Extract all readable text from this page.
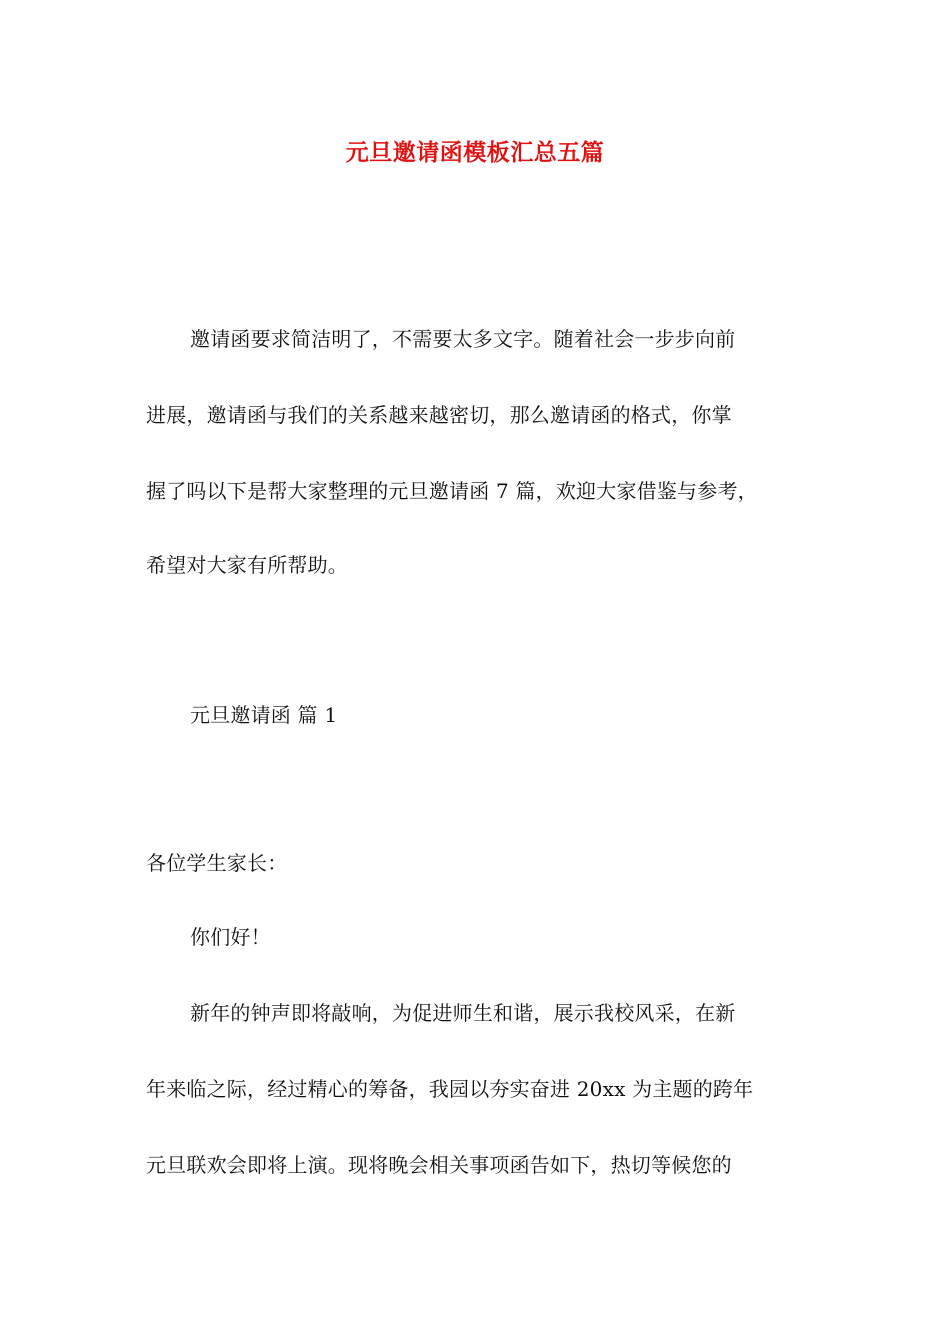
元旦邀请函模板汇总五篇
邀请函要求简洁明了，不需要太多文字。随着社会一步步向前
进展，邀请函与我们的关系越来越密切，那么邀请函的格式，你掌
握了吗以下是帮大家整理的元旦邀请函 7 篇，欢迎大家借鉴与参考，
希望对大家有所帮助。
元旦邀请函 篇 1
各位学生家长：
你们好！
新年的钟声即将敲响，为促进师生和谐，展示我校风采，在新
年来临之际，经过精心的筹备，我园以夯实奋进 20xx 为主题的跨年
元旦联欢会即将上演。现将晚会相关事项函告如下，热切等候您的
